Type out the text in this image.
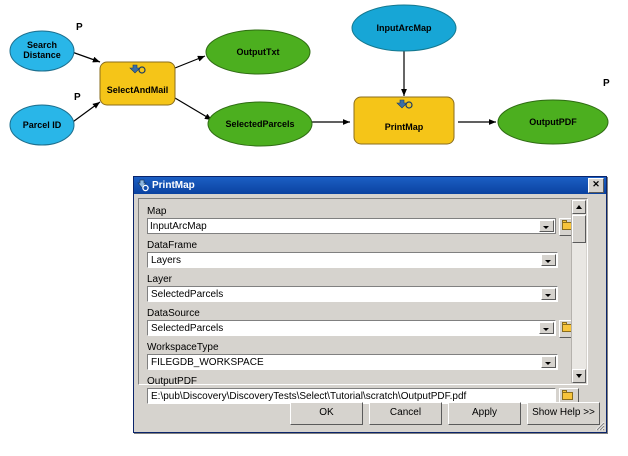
Search
Distance
Parcel ID
SelectAndMail
OutputTxt
SelectedParcels
InputArcMap
PrintMap	OutputPDF
P
P
P
PrintMap	✕
Map
InputArcMap
DataFrame
Layers
Layer
SelectedParcels
DataSource
SelectedParcels
WorkspaceType
FILEGDB_WORKSPACE
OutputPDF
E:\pub\Discovery\DiscoveryTests\Select\Tutorial\scratch\OutputPDF.pdf
OK	Cancel	Apply	Show Help >>
